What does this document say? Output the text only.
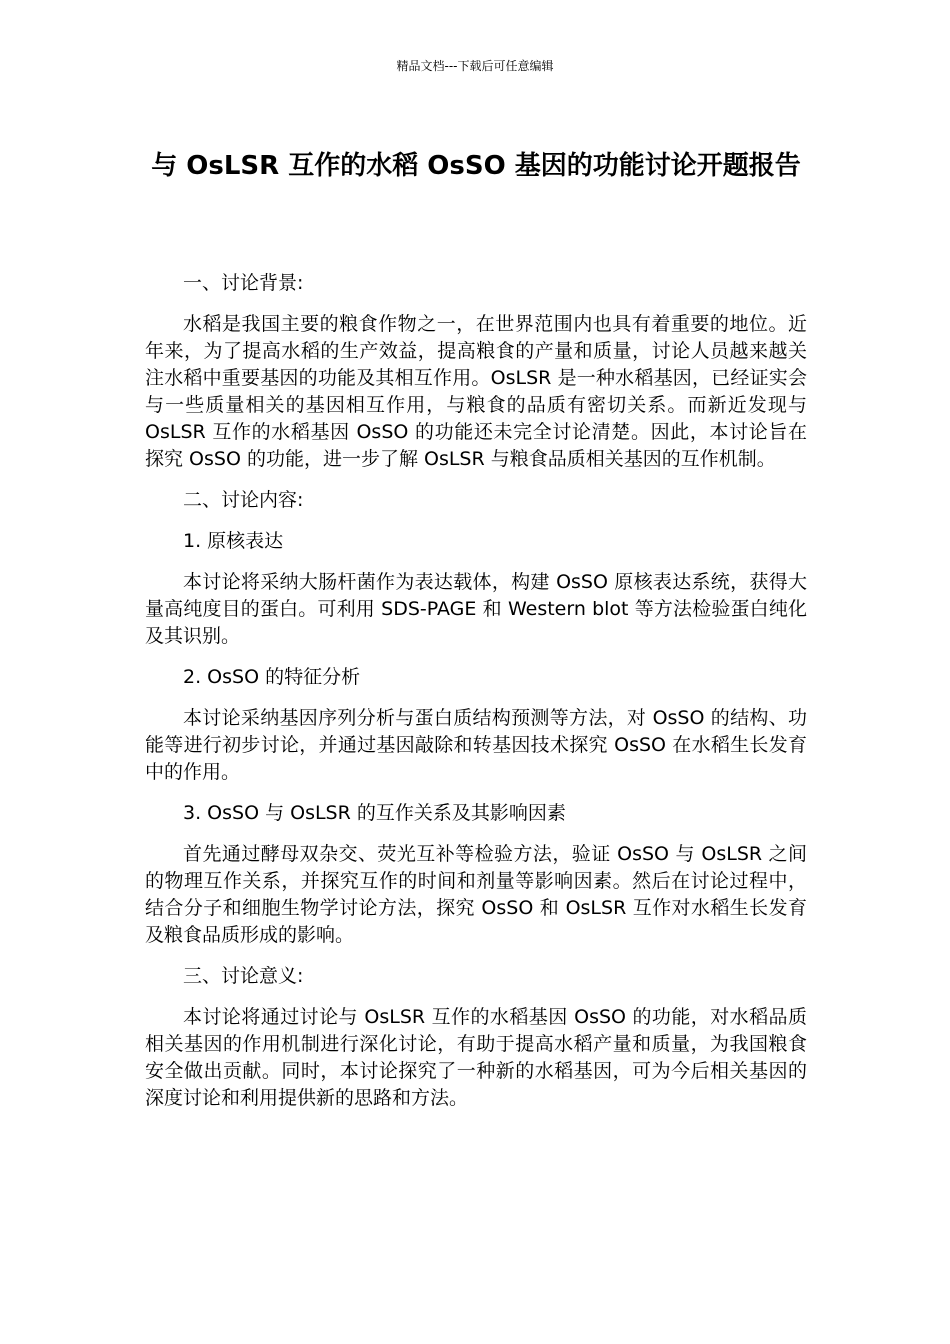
精品文档---下载后可任意编辑
与 OsLSR 互作的水稻 OsSO 基因的功能讨论开题报告

一、讨论背景:

水稻是我国主要的粮食作物之一，在世界范围内也具有着重要的地位。近年来，为了提高水稻的生产效益，提高粮食的产量和质量，讨论人员越来越关注水稻中重要基因的功能及其相互作用。OsLSR 是一种水稻基因，已经证实会与一些质量相关的基因相互作用，与粮食的品质有密切关系。而新近发现与 OsLSR 互作的水稻基因 OsSO 的功能还未完全讨论清楚。因此，本讨论旨在探究 OsSO 的功能，进一步了解 OsLSR 与粮食品质相关基因的互作机制。

二、讨论内容:

1. 原核表达

本讨论将采纳大肠杆菌作为表达载体，构建 OsSO 原核表达系统，获得大量高纯度目的蛋白。可利用 SDS-PAGE 和 Western blot 等方法检验蛋白纯化及其识别。

2. OsSO 的特征分析

本讨论采纳基因序列分析与蛋白质结构预测等方法，对 OsSO 的结构、功能等进行初步讨论，并通过基因敲除和转基因技术探究 OsSO 在水稻生长发育中的作用。

3. OsSO 与 OsLSR 的互作关系及其影响因素

首先通过酵母双杂交、荧光互补等检验方法，验证 OsSO 与 OsLSR 之间的物理互作关系，并探究互作的时间和剂量等影响因素。然后在讨论过程中，结合分子和细胞生物学讨论方法，探究 OsSO 和 OsLSR 互作对水稻生长发育及粮食品质形成的影响。

三、讨论意义:

本讨论将通过讨论与 OsLSR 互作的水稻基因 OsSO 的功能，对水稻品质相关基因的作用机制进行深化讨论，有助于提高水稻产量和质量，为我国粮食安全做出贡献。同时，本讨论探究了一种新的水稻基因，可为今后相关基因的深度讨论和利用提供新的思路和方法。
